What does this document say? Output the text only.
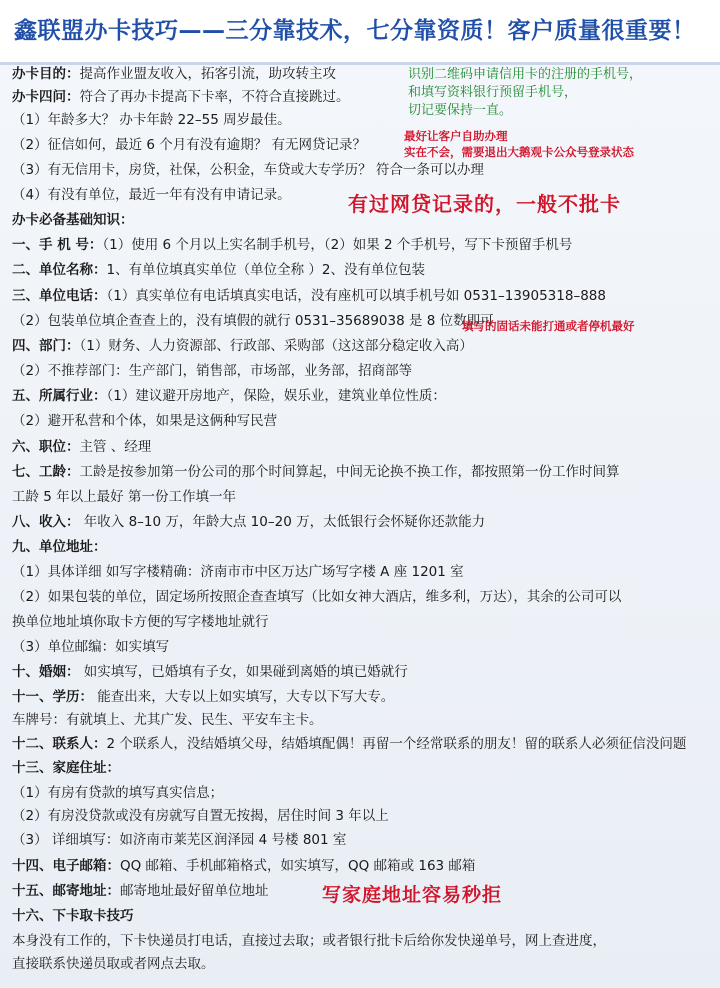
鑫联盟办卡技巧——三分靠技术，七分靠资质！客户质量很重要！
办卡目的：提高作业盟友收入，拓客引流，助攻转主攻
办卡四问：符合了再办卡提高下卡率，不符合直接跳过。
（1）年龄多大？ 办卡年龄 22–55 周岁最佳。
（2）征信如何，最近 6 个月有没有逾期？ 有无网贷记录？
（3）有无信用卡，房贷，社保，公积金，车贷或大专学历？ 符合一条可以办理
（4）有没有单位，最近一年有没有申请记录。
办卡必备基础知识：
一、手 机 号：（1）使用 6 个月以上实名制手机号，（2）如果 2 个手机号，写下卡预留手机号
二、单位名称：1、有单位填真实单位（单位全称 ）2、没有单位包装
三、单位电话：（1）真实单位有电话填真实电话，没有座机可以填手机号如 0531–13905318–888
（2）包装单位填企查查上的，没有填假的就行 0531–35689038 是 8 位数即可
四、部门：（1）财务、人力资源部、行政部、采购部（这这部分稳定收入高）
（2）不推荐部门：生产部门，销售部，市场部，业务部，招商部等
五、所属行业：（1）建议避开房地产，保险，娱乐业，建筑业单位性质：
（2）避开私营和个体，如果是这俩种写民营
六、职位：主管 、经理
七、工龄：工龄是按参加第一份公司的那个时间算起，中间无论换不换工作，都按照第一份工作时间算
工龄 5 年以上最好 第一份工作填一年
八、收入： 年收入 8–10 万，年龄大点 10–20 万，太低银行会怀疑你还款能力
九、单位地址：
（1）具体详细 如写字楼精确：济南市市中区万达广场写字楼 A 座 1201 室
（2）如果包装的单位，固定场所按照企查查填写（比如女神大酒店，维多利，万达），其余的公司可以
换单位地址填你取卡方便的写字楼地址就行
（3）单位邮编：如实填写
十、婚姻： 如实填写，已婚填有子女，如果碰到离婚的填已婚就行
十一、学历： 能查出来，大专以上如实填写，大专以下写大专。
车牌号：有就填上、尤其广发、民生、平安车主卡。
十二、联系人：2 个联系人，没结婚填父母，结婚填配偶！再留一个经常联系的朋友！留的联系人必须征信没问题
十三、家庭住址：
（1）有房有贷款的填写真实信息；
（2）有房没贷款或没有房就写自置无按揭，居住时间 3 年以上
（3） 详细填写：如济南市莱芜区润泽园 4 号楼 801 室
十四、电子邮箱：QQ 邮箱、手机邮箱格式，如实填写，QQ 邮箱或 163 邮箱
十五、邮寄地址：邮寄地址最好留单位地址
十六、下卡取卡技巧
本身没有工作的，下卡快递员打电话，直接过去取；或者银行批卡后给你发快递单号，网上查进度，
直接联系快递员取或者网点去取。
识别二维码申请信用卡的注册的手机号，
和填写资料银行预留手机号，
切记要保持一直。
最好让客户自助办理
实在不会，需要退出大鹅观卡公众号登录状态
有过网贷记录的，一般不批卡
填写的固话未能打通或者停机最好
写家庭地址容易秒拒
